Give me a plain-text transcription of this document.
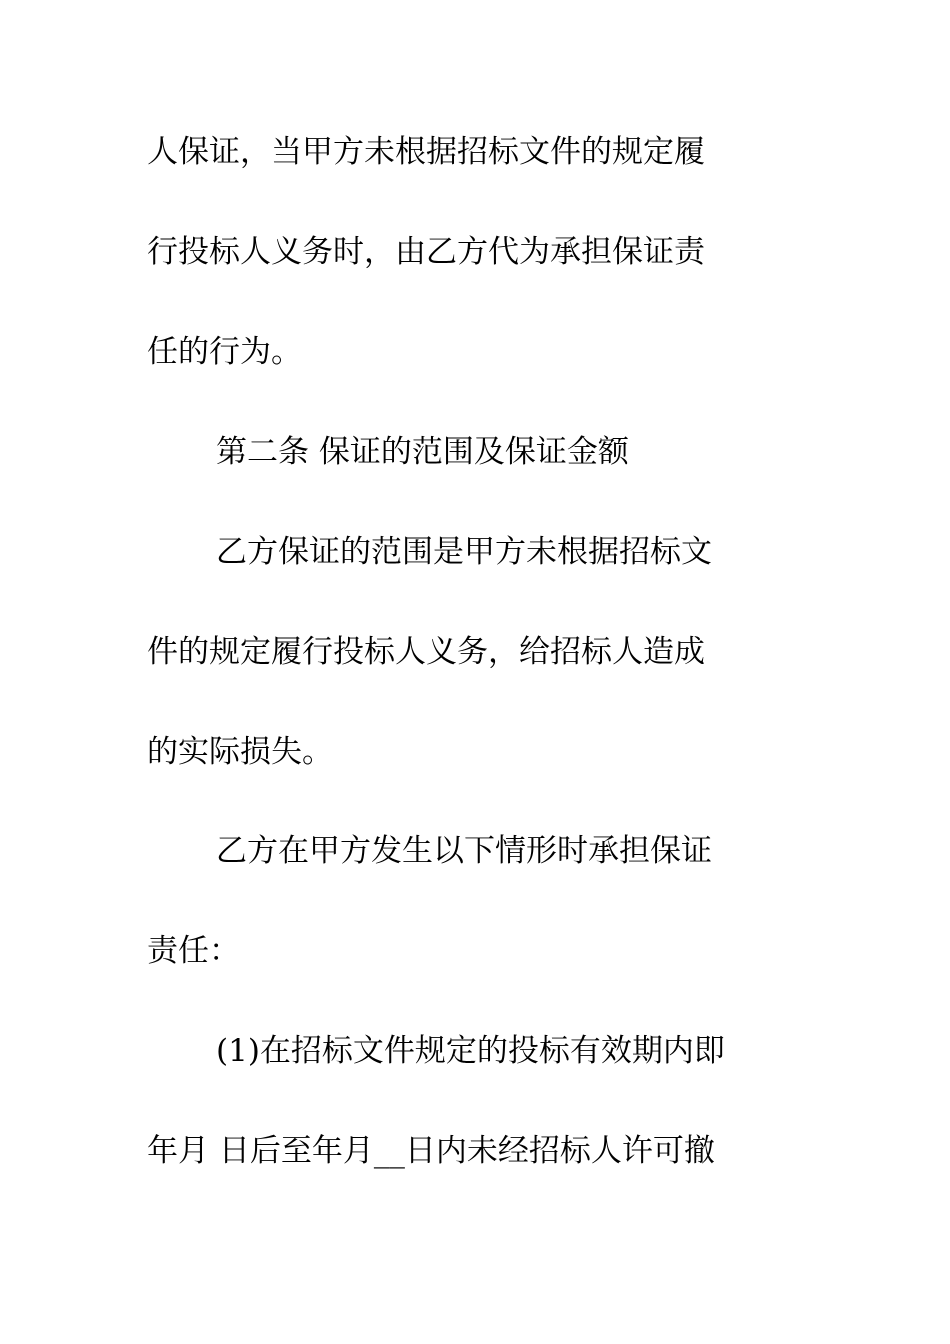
人保证，当甲方未根据招标文件的规定履
行投标人义务时，由乙方代为承担保证责
任的行为。
第二条 保证的范围及保证金额
乙方保证的范围是甲方未根据招标文
件的规定履行投标人义务，给招标人造成
的实际损失。
乙方在甲方发生以下情形时承担保证
责任：
(1)在招标文件规定的投标有效期内即
年月 日后至年月__日内未经招标人许可撤
